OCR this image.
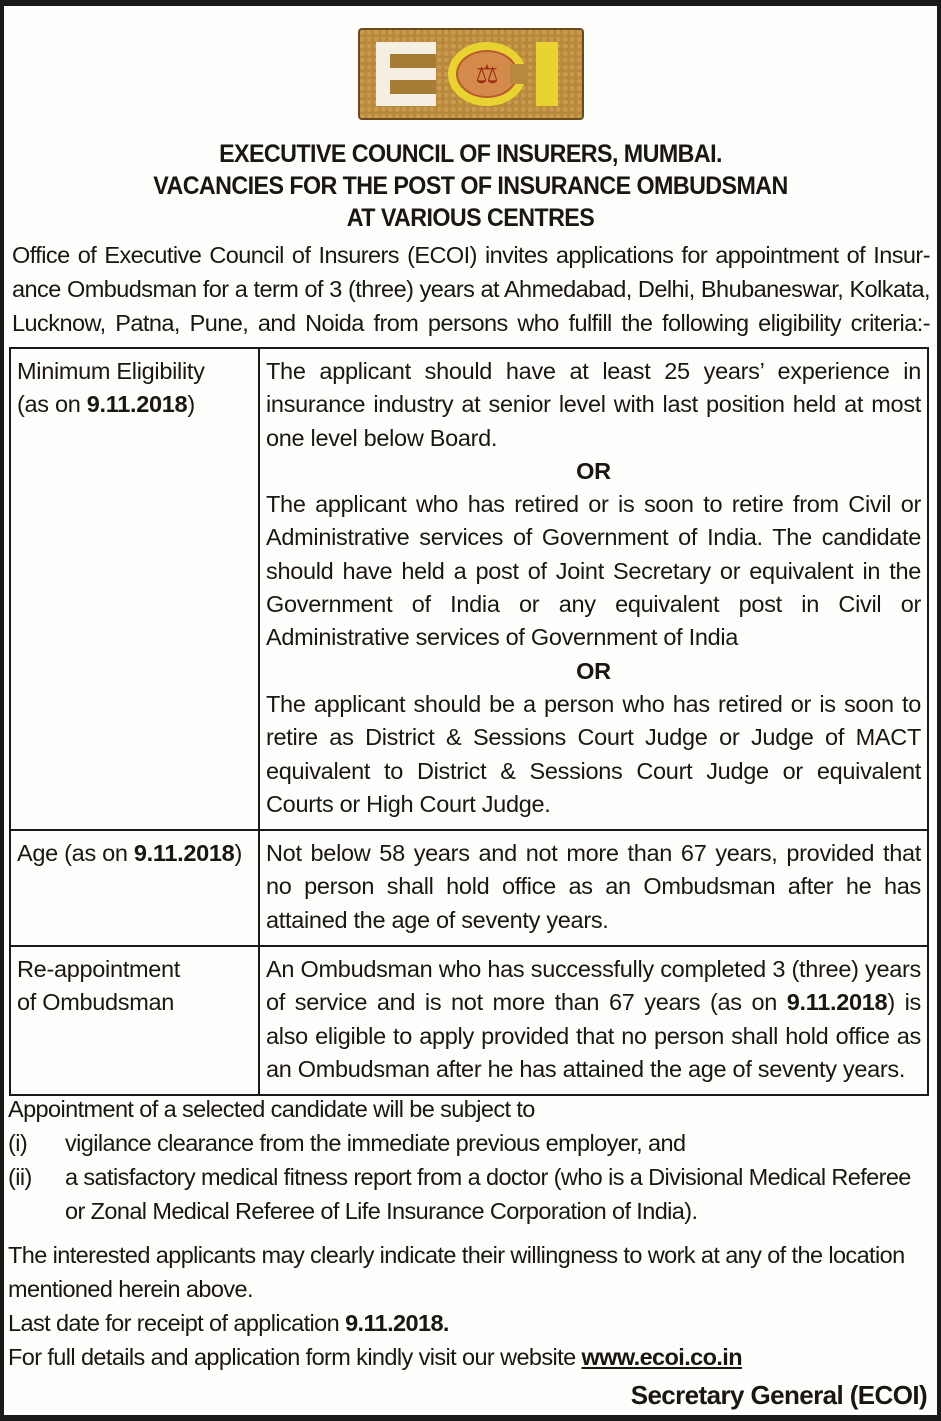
⚖
EXECUTIVE COUNCIL OF INSURERS, MUMBAI.
VACANCIES FOR THE POST OF INSURANCE OMBUDSMAN
AT VARIOUS CENTRES
Office of Executive Council of Insurers (ECOI) invites applications for appointment of Insur-
ance Ombudsman for a term of 3 (three) years at Ahmedabad, Delhi, Bhubaneswar, Kolkata,
Lucknow, Patna, Pune, and Noida from persons who fulfill the following eligibility criteria:-
Minimum Eligibility
(as on 9.11.2018)	The applicant should have at least 25 years’ experience in insurance industry at senior level with last position held at most one level below Board.
OR
The applicant who has retired or is soon to retire from Civil or Administrative services of Government of India. The candidate should have held a post of Joint Secretary or equivalent in the Government of India or any equivalent post in Civil or Administrative services of Government of India
OR
The applicant should be a person who has retired or is soon to retire as District & Sessions Court Judge or Judge of MACT equivalent to District & Sessions Court Judge or equivalent Courts or High Court Judge.

Age (as on 9.11.2018)	Not below 58 years and not more than 67 years, provided that no person shall hold office as an Ombudsman after he has attained the age of seventy years.

Re-appointment
of Ombudsman	An Ombudsman who has successfully completed 3 (three) years of service and is not more than 67 years (as on 9.11.2018) is also eligible to apply provided that no person shall hold office as an Ombudsman after he has attained the age of seventy years.
Appointment of a selected candidate will be subject to
(i)	vigilance clearance from the immediate previous employer, and
(ii)	a satisfactory medical fitness report from a doctor (who is a Divisional Medical Referee or Zonal Medical Referee of Life Insurance Corporation of India).
The interested applicants may clearly indicate their willingness to work at any of the location mentioned herein above.
Last date for receipt of application 9.11.2018.
For full details and application form kindly visit our website www.ecoi.co.in
Secretary General (ECOI)
